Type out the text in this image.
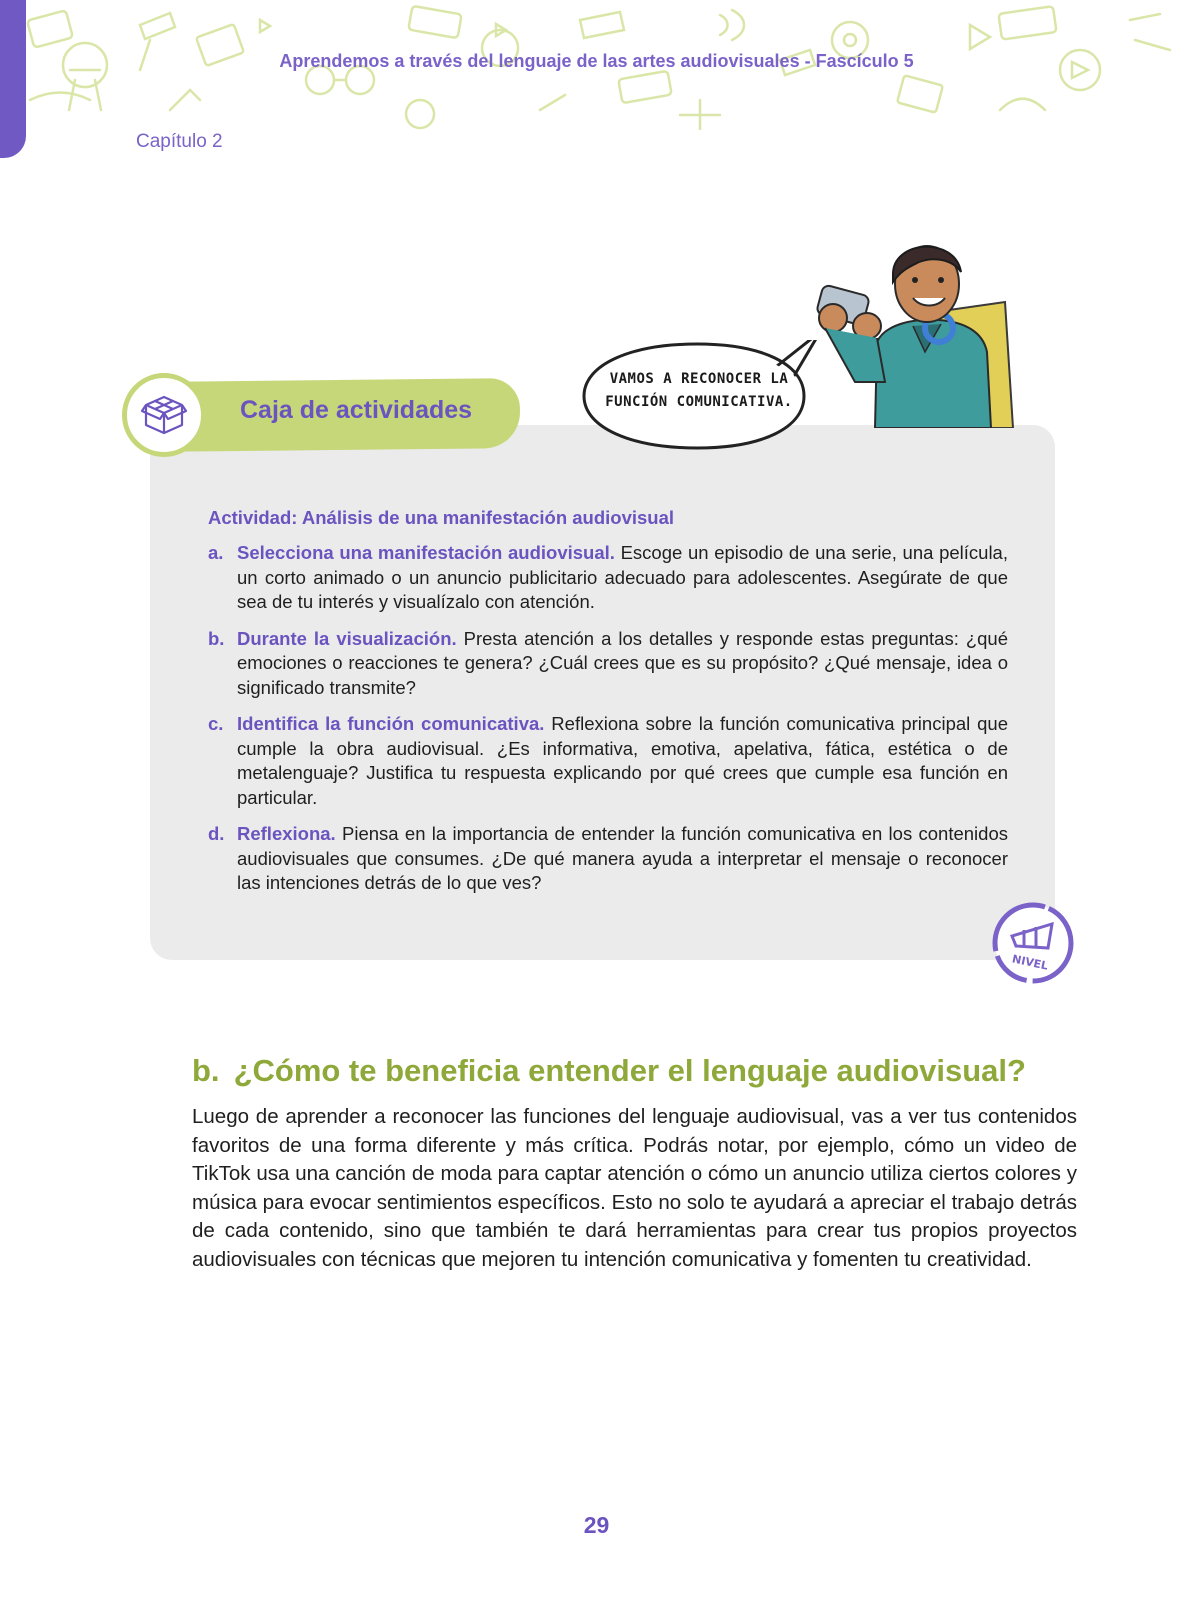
Aprendemos a través del lenguaje de las artes audiovisuales - Fascículo 5
Capítulo 2
Caja de actividades
VAMOS A RECONOCER LA FUNCIÓN COMUNICATIVA.
Actividad: Análisis de una manifestación audiovisual
a. Selecciona una manifestación audiovisual. Escoge un episodio de una serie, una película, un corto animado o un anuncio publicitario adecuado para adolescentes. Asegúrate de que sea de tu interés y visualízalo con atención.
b. Durante la visualización. Presta atención a los detalles y responde estas preguntas: ¿qué emociones o reacciones te genera? ¿Cuál crees que es su propósito? ¿Qué mensaje, idea o significado transmite?
c. Identifica la función comunicativa. Reflexiona sobre la función comunicativa principal que cumple la obra audiovisual. ¿Es informativa, emotiva, apelativa, fática, estética o de metalenguaje? Justifica tu respuesta explicando por qué crees que cumple esa función en particular.
d. Reflexiona. Piensa en la importancia de entender la función comunicativa en los contenidos audiovisuales que consumes. ¿De qué manera ayuda a interpretar el mensaje o reconocer las intenciones detrás de lo que ves?
NIVEL
b. ¿Cómo te beneficia entender el lenguaje audiovisual?

Luego de aprender a reconocer las funciones del lenguaje audiovisual, vas a ver tus contenidos favoritos de una forma diferente y más crítica. Podrás notar, por ejemplo, cómo un video de TikTok usa una canción de moda para captar atención o cómo un anuncio utiliza ciertos colores y música para evocar sentimientos específicos. Esto no solo te ayudará a apreciar el trabajo detrás de cada contenido, sino que también te dará herramientas para crear tus propios proyectos audiovisuales con técnicas que mejoren tu intención comunicativa y fomenten tu creatividad.

29
